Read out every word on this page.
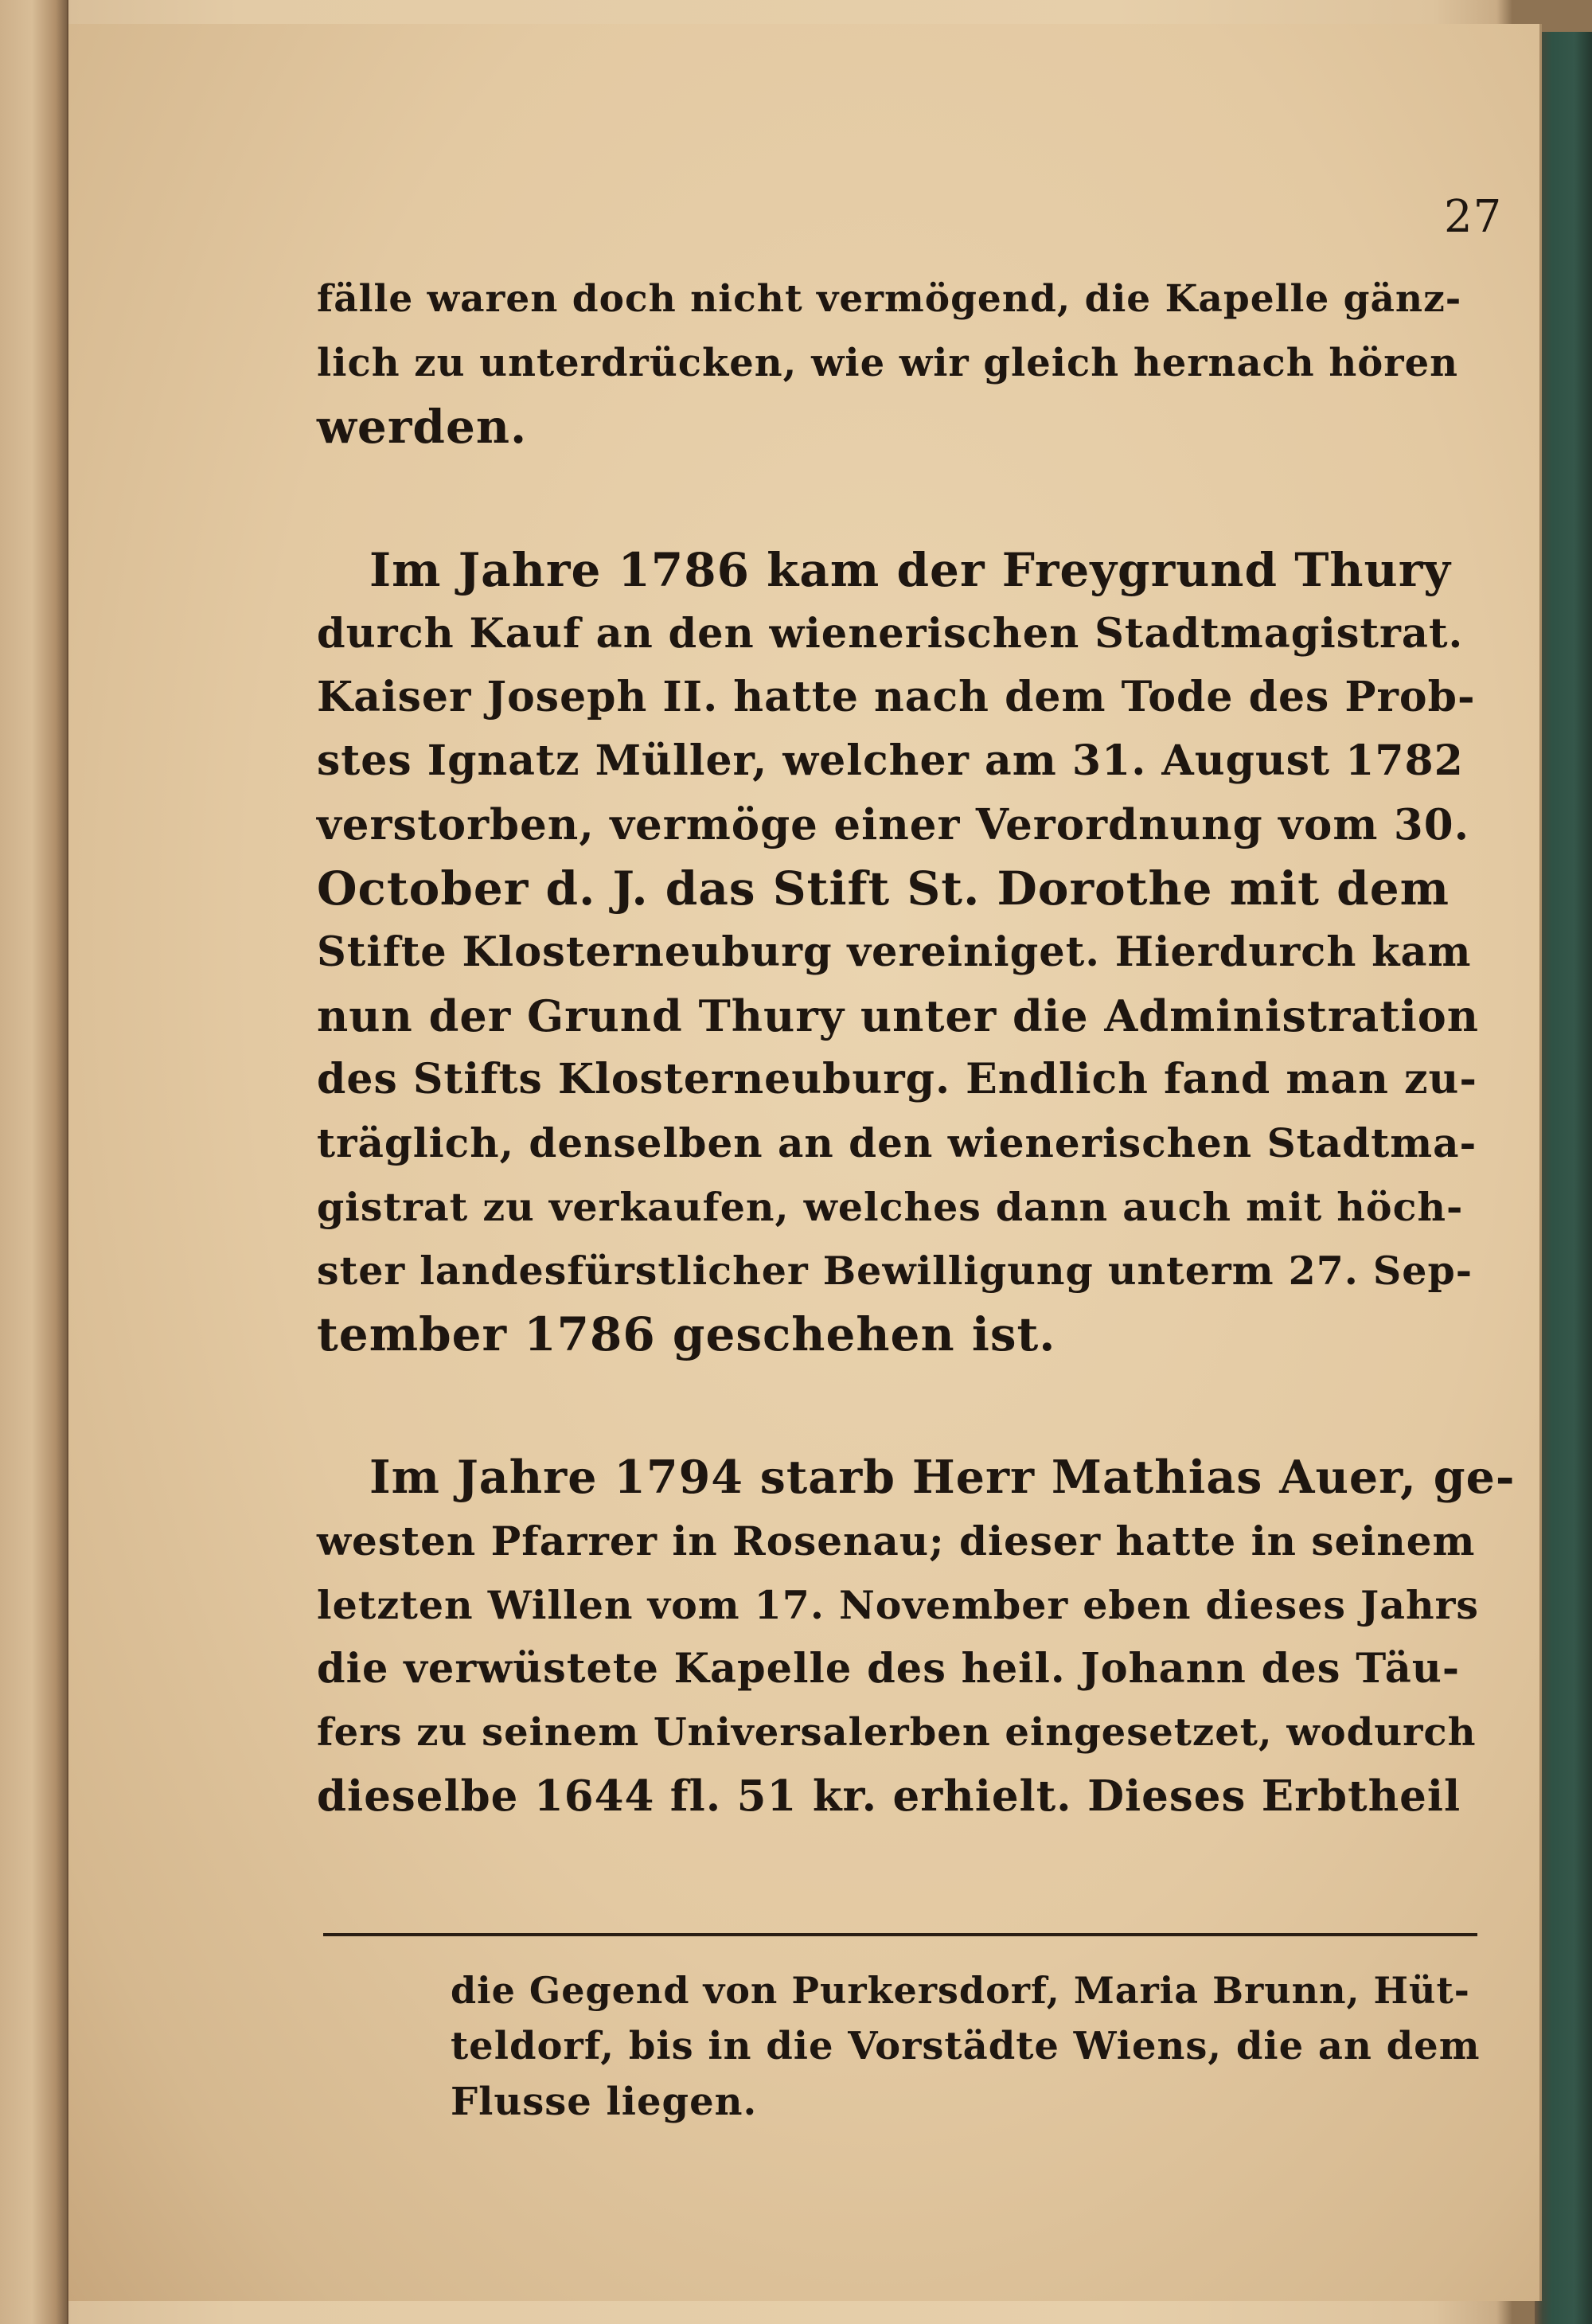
27
fälle waren doch nicht vermögend, die Kapelle gänz-
lich zu unterdrücken, wie wir gleich hernach hören
werden.
Im Jahre 1786 kam der Freygrund Thury
durch Kauf an den wienerischen Stadtmagistrat.
Kaiser Joseph II. hatte nach dem Tode des Prob-
stes Ignatz Müller, welcher am 31. August 1782
verstorben, vermöge einer Verordnung vom 30.
October d. J. das Stift St. Dorothe mit dem
Stifte Klosterneuburg vereiniget. Hierdurch kam
nun der Grund Thury unter die Administration
des Stifts Klosterneuburg. Endlich fand man zu-
träglich, denselben an den wienerischen Stadtma-
gistrat zu verkaufen, welches dann auch mit höch-
ster landesfürstlicher Bewilligung unterm 27. Sep-
tember 1786 geschehen ist.
Im Jahre 1794 starb Herr Mathias Auer, ge-
westen Pfarrer in Rosenau; dieser hatte in seinem
letzten Willen vom 17. November eben dieses Jahrs
die verwüstete Kapelle des heil. Johann des Täu-
fers zu seinem Universalerben eingesetzet, wodurch
dieselbe 1644 fl. 51 kr. erhielt. Dieses Erbtheil
die Gegend von Purkersdorf, Maria Brunn, Hüt-
teldorf, bis in die Vorstädte Wiens, die an dem
Flusse liegen.
